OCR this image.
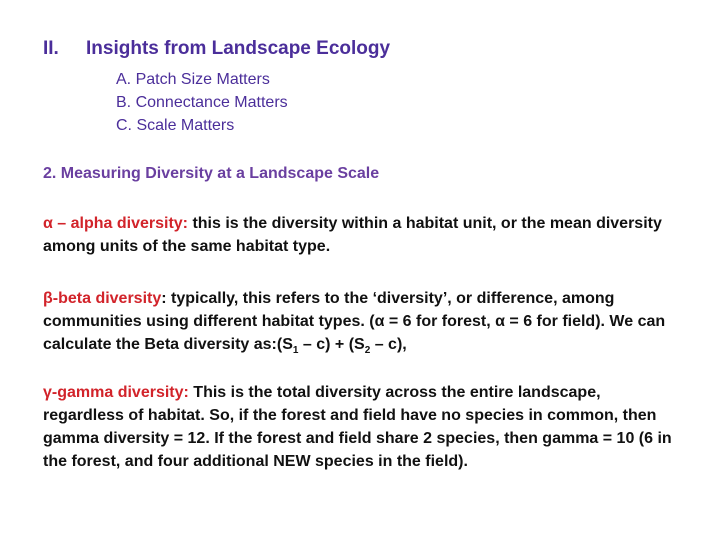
II. Insights from Landscape Ecology
A. Patch Size Matters
B. Connectance Matters
C. Scale Matters
2. Measuring Diversity at a Landscape Scale
α – alpha diversity: this is the diversity within a habitat unit, or the mean diversity among units of the same habitat type.
β-beta diversity: typically, this refers to the ‘diversity’, or difference, among communities using different habitat types. (α = 6 for forest, α = 6 for field). We can calculate the Beta diversity $as:(S_1 - c) + (S_2 - c)$,
γ-gamma diversity: This is the total diversity across the entire landscape, regardless of habitat. So, if the forest and field have no species in common, then gamma diversity = 12. If the forest and field share 2 species, then gamma = 10 (6 in the forest, and four additional NEW species in the field).
